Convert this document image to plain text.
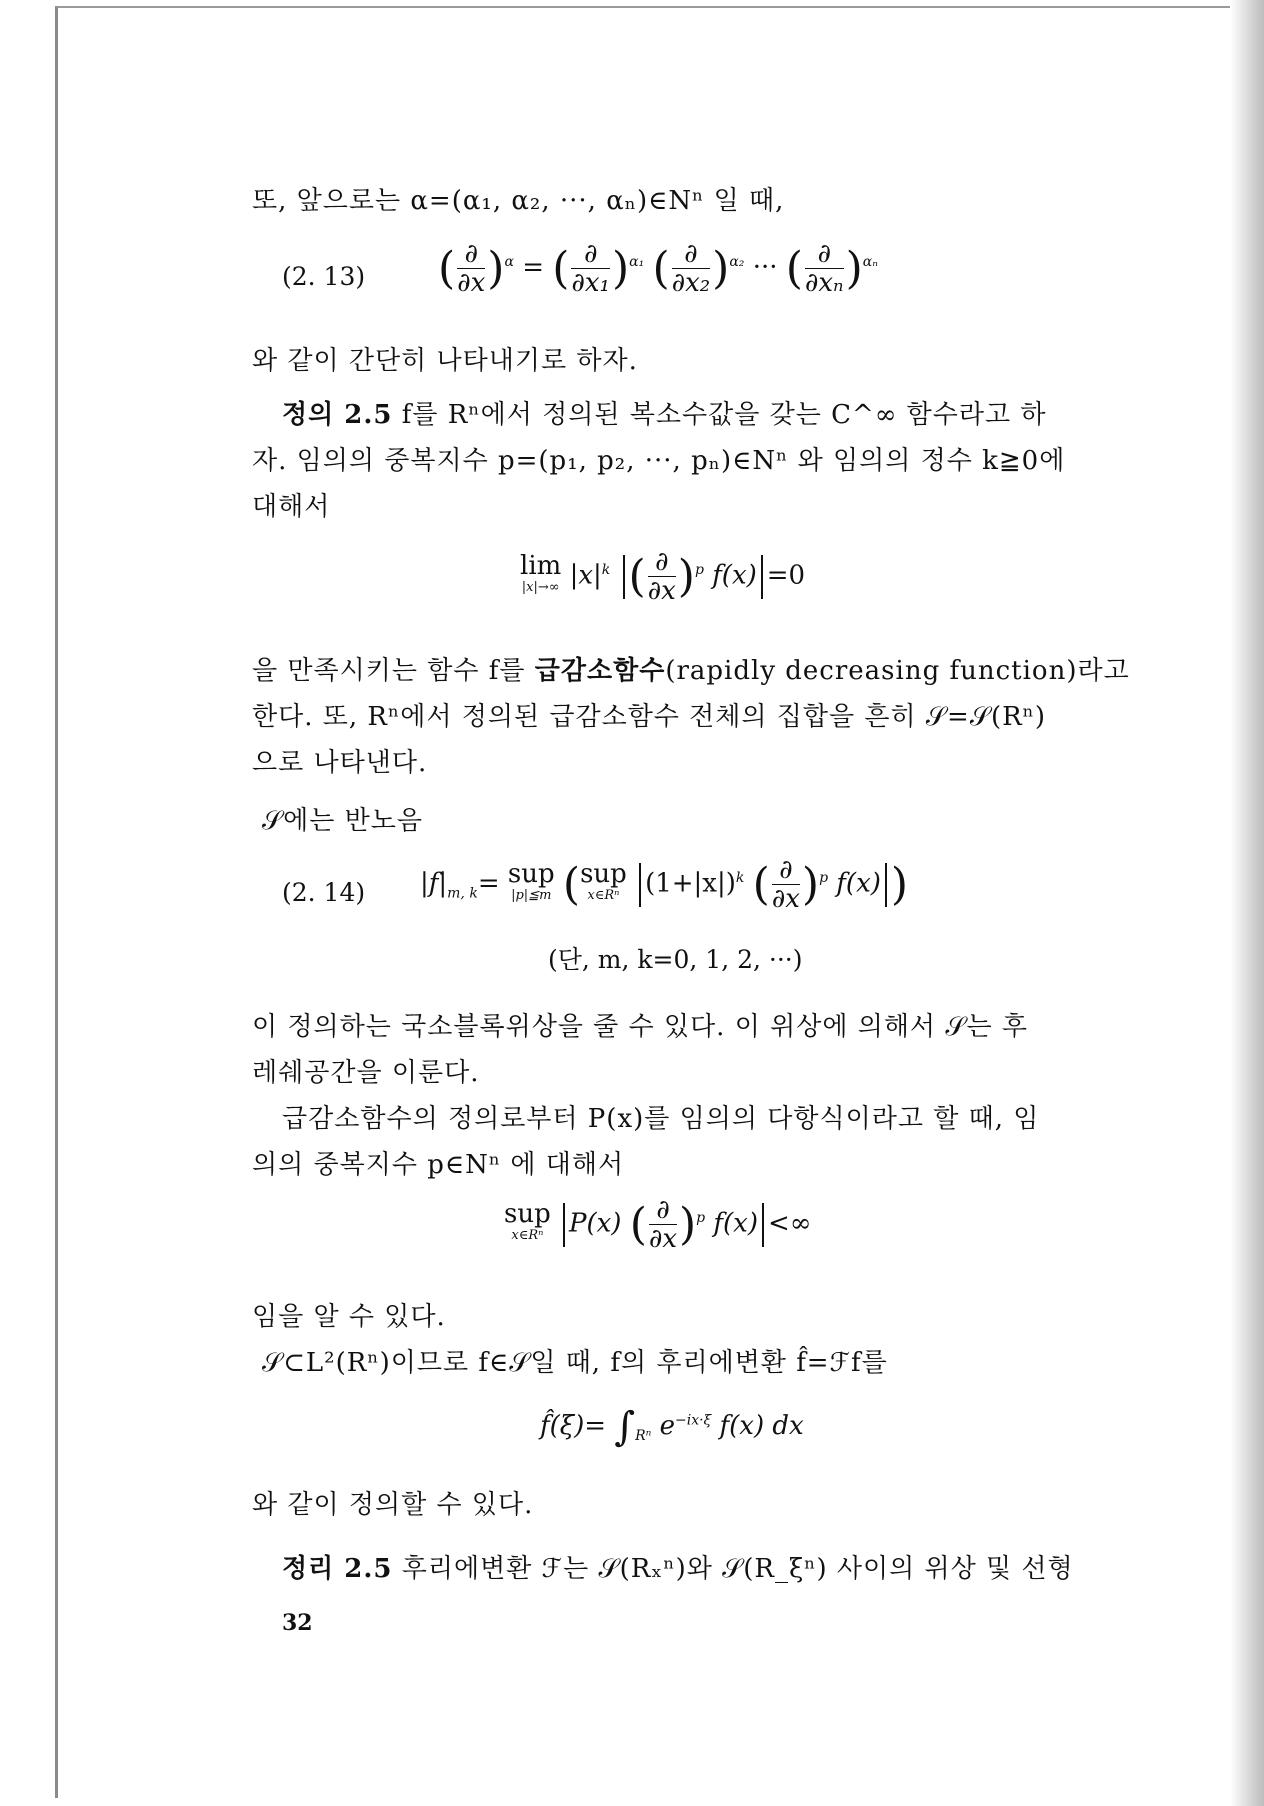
또, 앞으로는 α=(α₁, α₂, ···, αₙ)∈Nⁿ 일 때,
(2. 13) ( $\frac{\partial}{\partial x} )^\alpha$ = ( $\frac{\partial}{\text{∂x₁}} )^{\alpha_1}$ ( $\frac{\partial}{\text{∂x₂}} )^{\alpha_2}$ ··· ( $\frac{\partial}{\text{∂xₙ}} )^{\alpha_n}$
와 같이 간단히 나타내기로 하자.
정의 2.5 f를 Rⁿ에서 정의된 복소수값을 갖는 C^∞ 함수라고 하
자. 임의의 중복지수 p=(p₁, p₂, ···, pₙ)∈Nⁿ 와 임의의 정수 k≧0에
대해서
lim
|x|→∞ $|x|^k$ ( $\frac{\partial}{\partial x} )^p$ f(x) =0
을 만족시키는 함수 f를 급감소함수(rapidly decreasing function)라고
한다. 또, Rⁿ에서 정의된 급감소함수 전체의 집합을 흔히 𝒮=𝒮(Rⁿ)
으로 나타낸다.
𝒮에는 반노음
(2. 14) $|f|_{m, k}=$ sup
|p|≦m ( sup
x∈Rⁿ $(1+|x|)^k$ ( $\frac{\partial}{\partial x} )^p$ f(x) )
(단, m, k=0, 1, 2, ···)
이 정의하는 국소블록위상을 줄 수 있다. 이 위상에 의해서 𝒮는 후
레쉐공간을 이룬다.
급감소함수의 정의로부터 P(x)를 임의의 다항식이라고 할 때, 임
의의 중복지수 p∈Nⁿ 에 대해서
sup
x∈Rⁿ P(x) ( $\frac{\partial}{\partial x} )^p$ f(x) <∞
임을 알 수 있다.
𝒮⊂L²(Rⁿ)이므로 f∈𝒮일 때, f의 후리에변환 f̂=ℱf를
f̂(ξ)= $\int_{R^n}$ $e^{-ix\cdot\xi}$ f(x) dx
와 같이 정의할 수 있다.
정리 2.5 후리에변환 ℱ는 𝒮(Rₓⁿ)와 𝒮(R_ξⁿ) 사이의 위상 및 선형
32
